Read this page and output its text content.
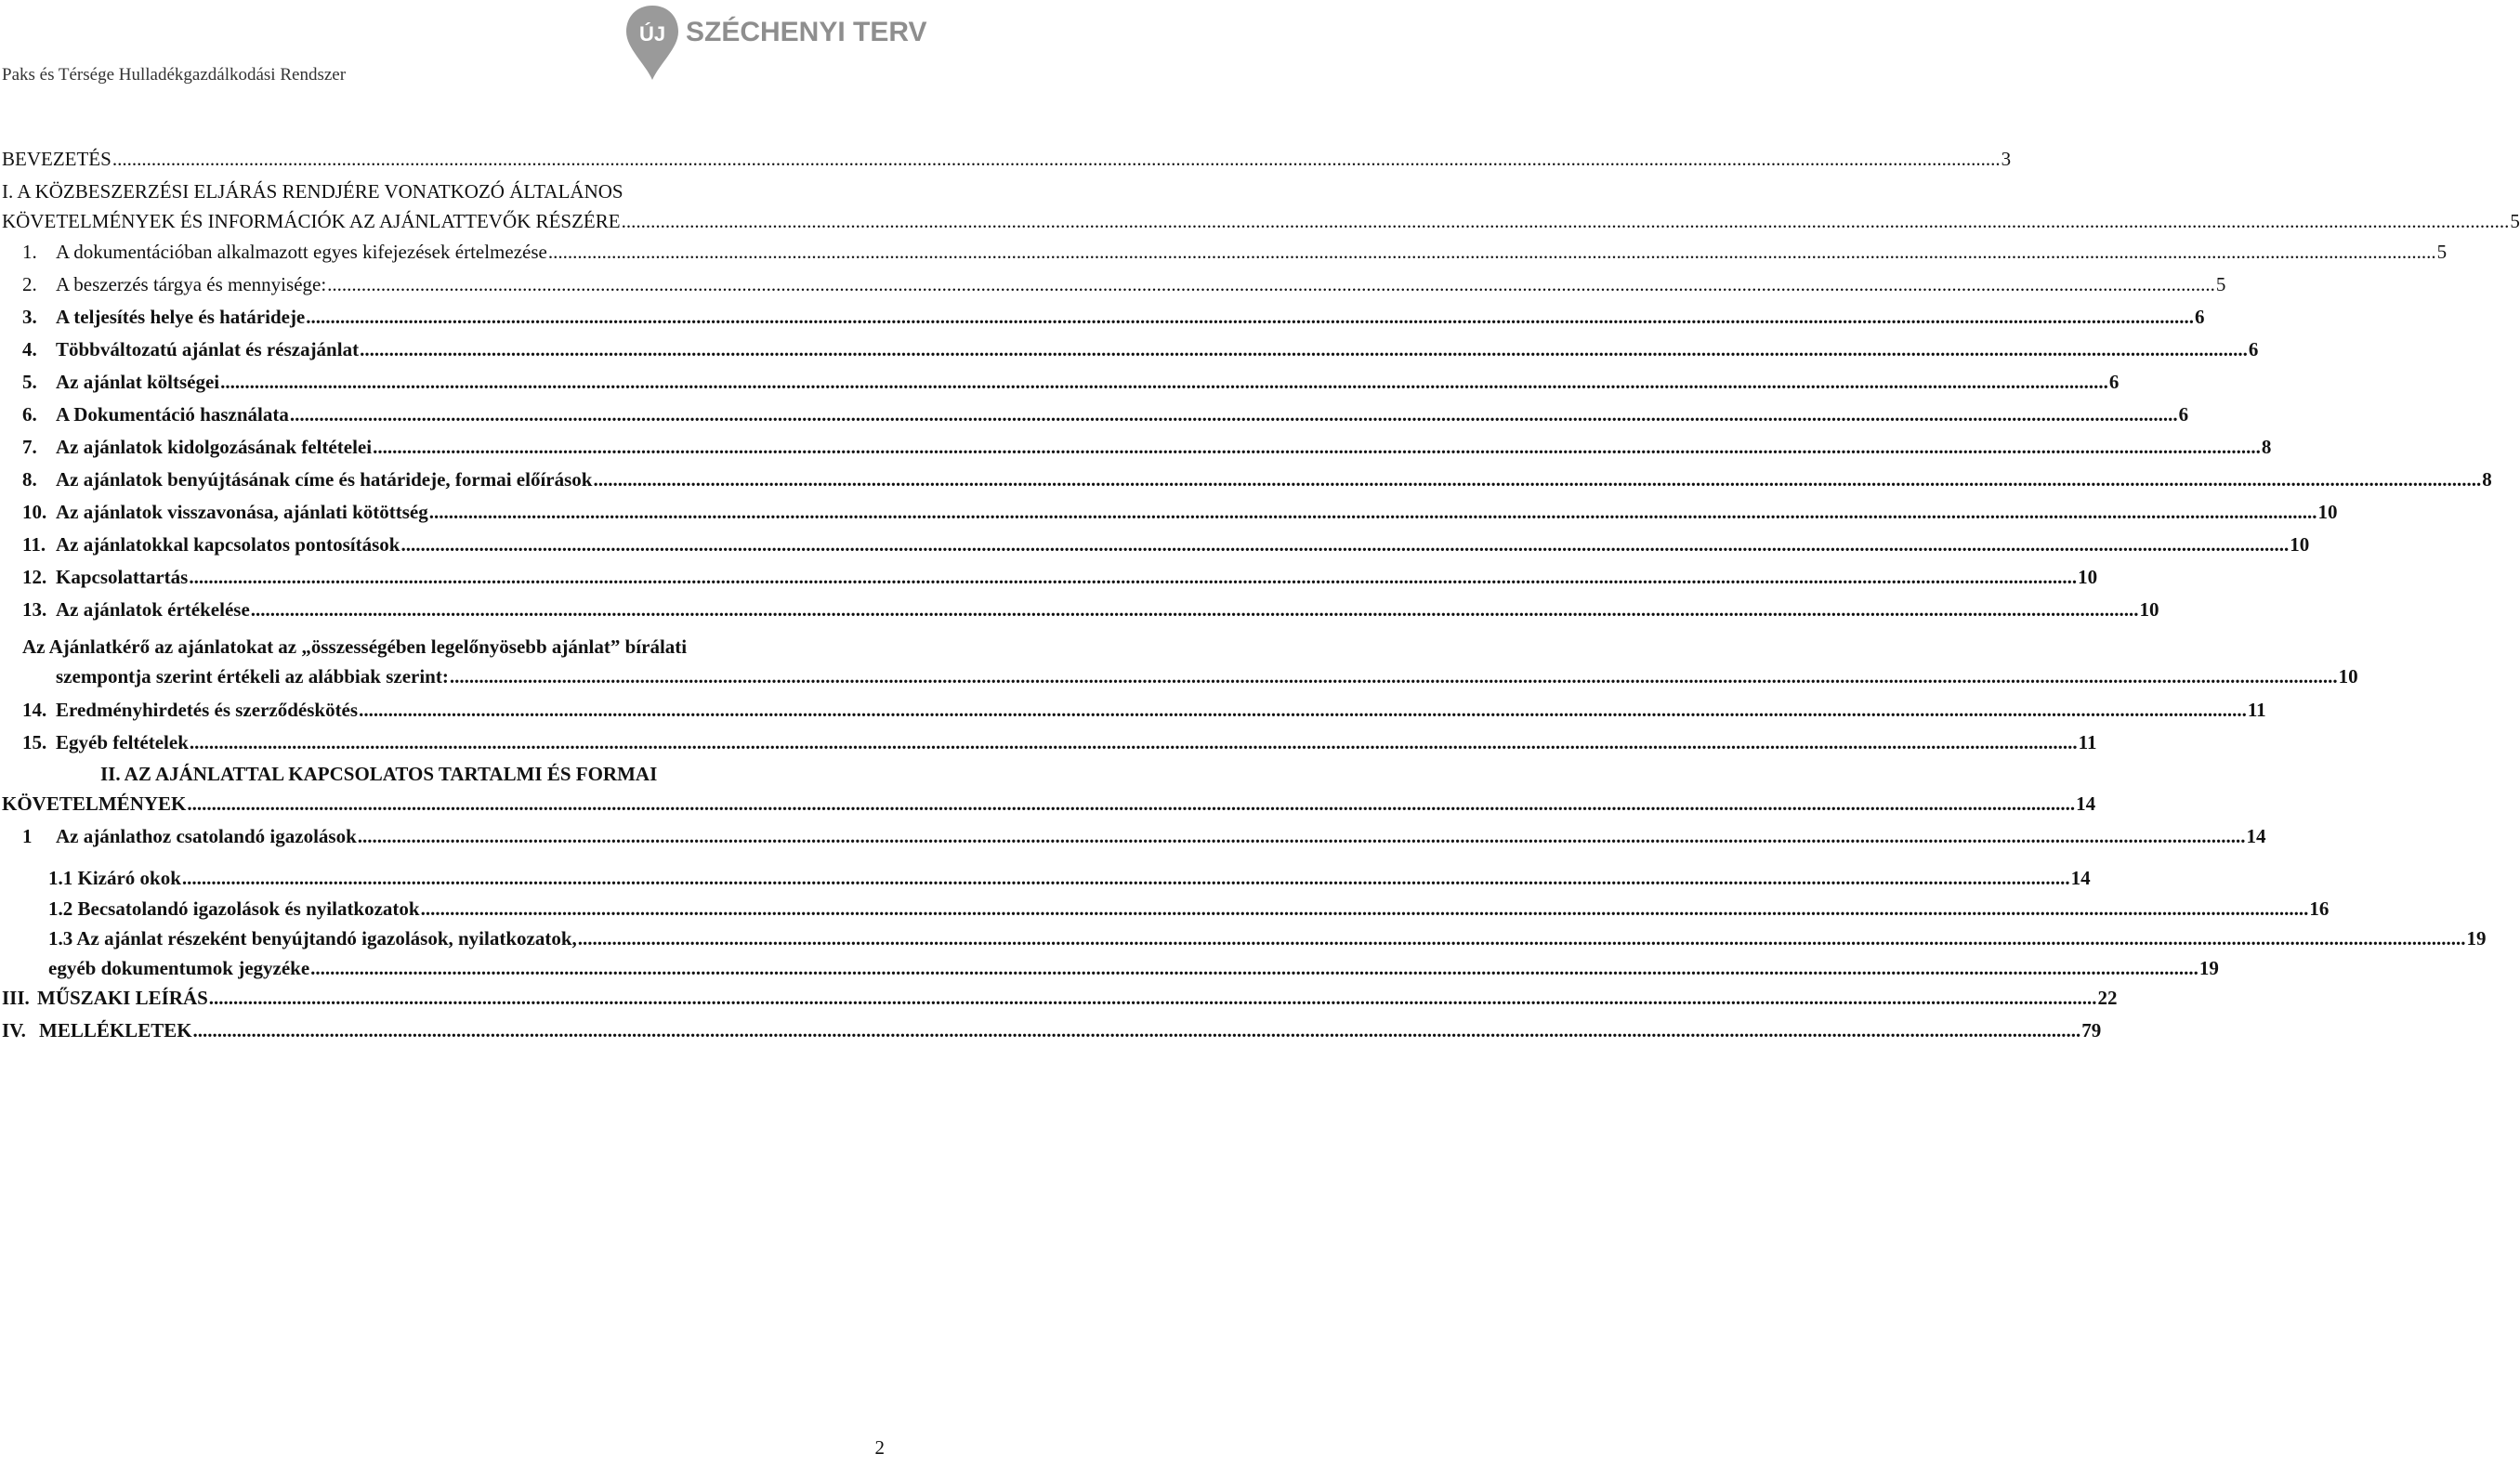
Paks és Térsége Hulladékgazdálkodási Rendszer
ÚJ SZÉCHENYI TERV
BEVEZETÉS .....	3
I. A KÖZBESZERZÉSI ELJÁRÁS RENDJÉRE VONATKOZÓ ÁLTALÁNOS
KÖVETELMÉNYEK ÉS INFORMÁCIÓK AZ AJÁNLATTEVŐK RÉSZÉRE .....	5
1. A dokumentációban alkalmazott egyes kifejezések értelmezése .....	5
2. A beszerzés tárgya és mennyisége: .....	5
3. A teljesítés helye és határideje .....	6
4. Többváltozatú ajánlat és részajánlat .....	6
5. Az ajánlat költségei .....	6
6. A Dokumentáció használata .....	6
7. Az ajánlatok kidolgozásának feltételei .....	8
8. Az ajánlatok benyújtásának címe és határideje, formai előírások .....	8
10. Az ajánlatok visszavonása, ajánlati kötöttség .....	10
11. Az ajánlatokkal kapcsolatos pontosítások .....	10
12. Kapcsolattartás .....	10
13. Az ajánlatok értékelése .....	10
Az Ajánlatkérő az ajánlatokat az „összességében legelőnyösebb ajánlat” bírálati
szempontja szerint értékeli az alábbiak szerint: .....	10
14. Eredményhirdetés és szerződéskötés .....	11
15. Egyéb feltételek .....	11
II. AZ AJÁNLATTAL KAPCSOLATOS TARTALMI ÉS FORMAI
KÖVETELMÉNYEK .....	14
1	Az ajánlathoz csatolandó igazolások .....	14
1.1 Kizáró okok .....	14
1.2 Becsatolandó igazolások és nyilatkozatok .....	16
1.3 Az ajánlat részeként benyújtandó igazolások, nyilatkozatok, .....	19
egyéb dokumentumok jegyzéke .....	19
III. MŰSZAKI LEÍRÁS .....	22
IV. MELLÉKLETEK .....	79
2
